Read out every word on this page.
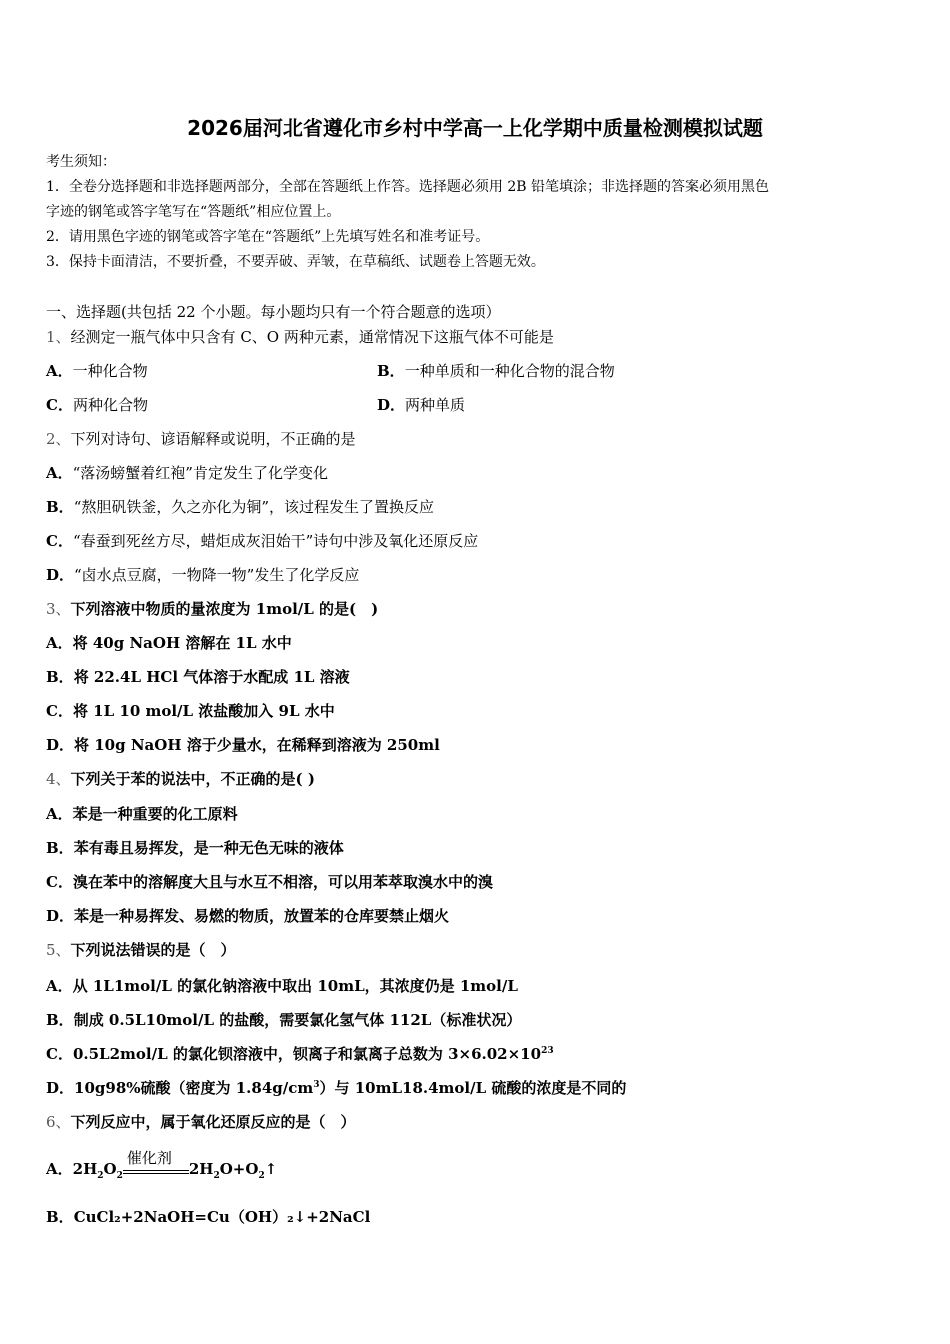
2026届河北省遵化市乡村中学高一上化学期中质量检测模拟试题
考生须知：
1．全卷分选择题和非选择题两部分，全部在答题纸上作答。选择题必须用 2B 铅笔填涂；非选择题的答案必须用黑色
字迹的钢笔或答字笔写在“答题纸”相应位置上。
2．请用黑色字迹的钢笔或答字笔在“答题纸”上先填写姓名和准考证号。
3．保持卡面清洁，不要折叠，不要弄破、弄皱，在草稿纸、试题卷上答题无效。
一、选择题(共包括 22 个小题。每小题均只有一个符合题意的选项）
1、经测定一瓶气体中只含有 C、O 两种元素，通常情况下这瓶气体不可能是
A．一种化合物	B．一种单质和一种化合物的混合物
C．两种化合物	D．两种单质
2、下列对诗句、谚语解释或说明，不正确的是
A．“落汤螃蟹着红袍”肯定发生了化学变化
B．“熬胆矾铁釜，久之亦化为铜”，该过程发生了置换反应
C．“春蚕到死丝方尽，蜡炬成灰泪始干”诗句中涉及氧化还原反应
D．“卤水点豆腐，一物降一物”发生了化学反应
3、下列溶液中物质的量浓度为 1mol/L 的是(　)
A．将 40g NaOH 溶解在 1L 水中
B．将 22.4L HCl 气体溶于水配成 1L 溶液
C．将 1L 10 mol/L 浓盐酸加入 9L 水中
D．将 10g NaOH 溶于少量水，在稀释到溶液为 250ml
4、下列关于苯的说法中，不正确的是( )
A．苯是一种重要的化工原料
B．苯有毒且易挥发，是一种无色无味的液体
C．溴在苯中的溶解度大且与水互不相溶，可以用苯萃取溴水中的溴
D．苯是一种易挥发、易燃的物质，放置苯的仓库要禁止烟火
5、下列说法错误的是（　）
A．从 1L1mol/L 的氯化钠溶液中取出 10mL，其浓度仍是 1mol/L
B．制成 0.5L10mol/L 的盐酸，需要氯化氢气体 112L（标准状况）
C．0.5L2mol/L 的氯化钡溶液中，钡离子和氯离子总数为 $3\times 6.02\times 10^{23}$
D．10g98%硫酸（密度为 $1.84g/cm^3$）与 10mL18.4mol/L 硫酸的浓度是不同的
6、下列反应中，属于氧化还原反应的是（　）
A．$2H_2O_2$
催化剂
$2H_2O+O_2↑$
B．CuCl₂+2NaOH=Cu（OH）₂↓+2NaCl
